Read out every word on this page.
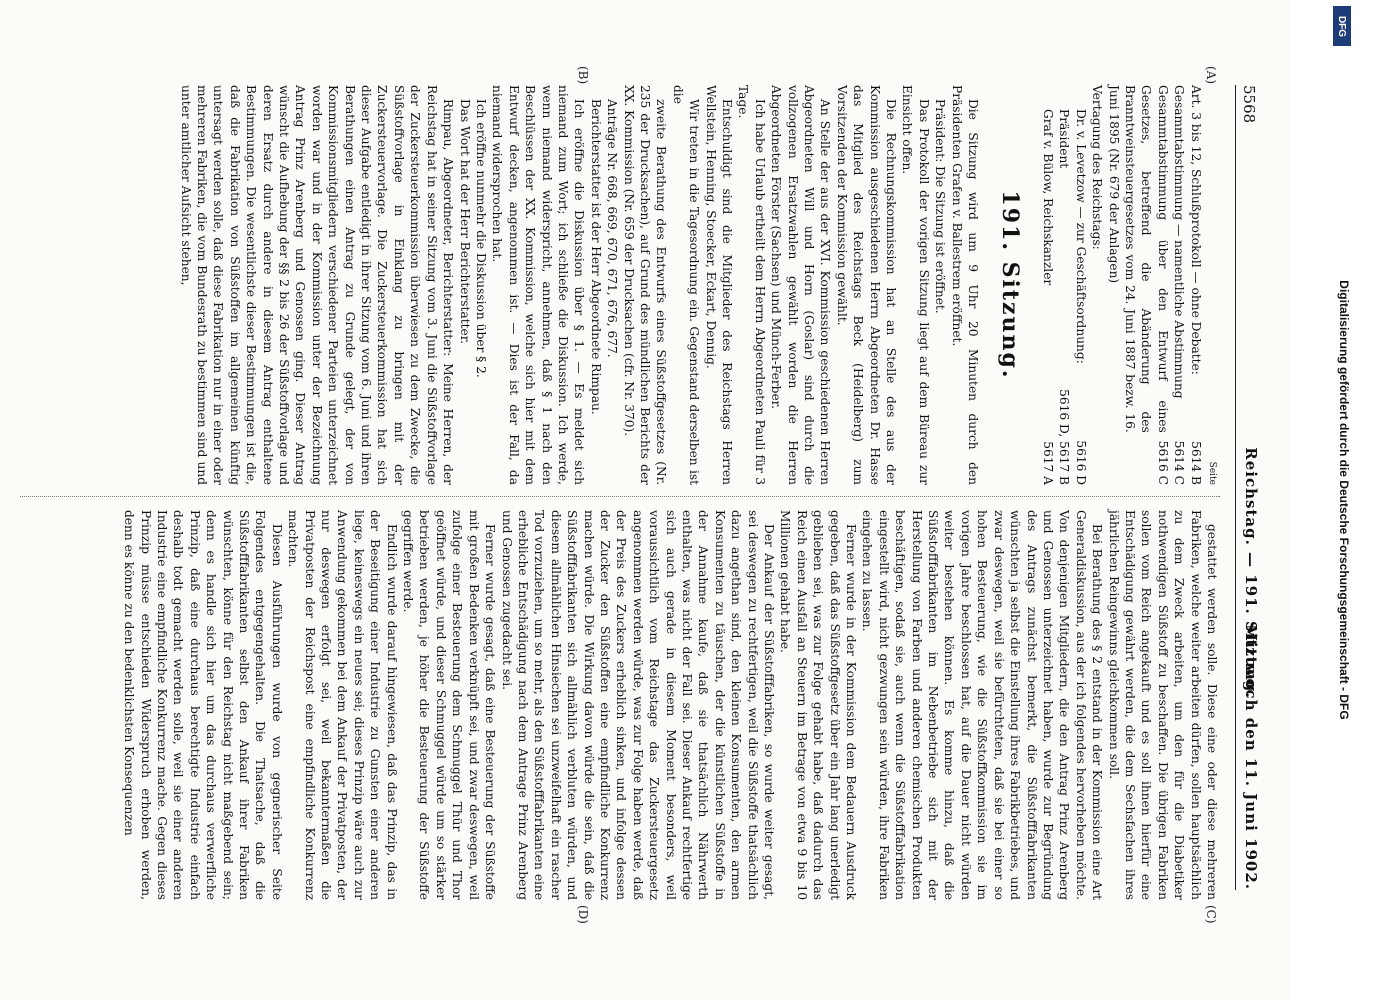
5568
Reichstag. — 191. Sitzung.
Mittwoch den 11. Juni 1902.
(A)
(B)
(C)
(D)
Seite
Art. 3 bis 12, Schlußprotokoll — ohne Debatte:
5614 B
Gesammtabstimmung — namentliche Abstimmung
5614 C
Gesammtabstimmung über den Entwurf eines Gesetzes, betreffend die Abänderung des Branntweinsteuergesetzes vom 24. Juni 1887 bezw. 16. Juni 1895 (Nr. 679 der Anlagen)
5616 C
Vertagung des Reichstags:
Dr. v. Levetzow — zur Geschäftsordnung:
5616 D
Präsident
5616 D, 5617 B
Graf v. Bülow, Reichskanzler
5617 A
191. Sitzung.

Die Sitzung wird um 9 Uhr 20 Minuten durch den Präsidenten Grafen v. Ballestrem eröffnet.

Präsident: Die Sitzung ist eröffnet.

Das Protokoll der vorigen Sitzung liegt auf dem Büreau zur Einsicht offen.

Die Rechnungskommission hat an Stelle des aus der Kommission ausgeschiedenen Herrn Abgeordneten Dr. Hasse das Mitglied des Reichstags Beck (Heidelberg) zum Vorsitzenden der Kommission gewählt.

An Stelle der aus der XVI. Kommission geschiedenen Herren Abgeordneten Will und Horn (Goslar) sind durch die vollzogenen Ersatzwahlen gewählt worden die Herren Abgeordneten Förster (Sachsen) und Münch-Ferber.

Ich habe Urlaub ertheilt dem Herrn Abgeordneten Pauli für 3 Tage.

Entschuldigt sind die Mitglieder des Reichstags Herren Wellstein, Henning, Stoecker, Eckart, Dennig.

Wir treten in die Tagesordnung ein. Gegenstand derselben ist die

zweite Berathung des Entwurfs eines Süßstoffgesetzes (Nr. 235 der Drucksachen), auf Grund des mündlichen Berichts der XX. Kommission (Nr. 659 der Drucksachen (cfr. Nr. 370).

Anträge Nr. 668, 669, 670, 671, 676, 677.

Berichterstatter ist der Herr Abgeordnete Rimpau.

Ich eröffne die Diskussion über § 1. — Es meldet sich niemand zum Wort; ich schließe die Diskussion. Ich werde, wenn niemand widerspricht, annehmen, daß § 1 nach den Beschlüssen der XX. Kommission, welche sich hier mit dem Entwurf decken, angenommen ist. — Dies ist der Fall, da niemand widersprochen hat.

Ich eröffne nunmehr die Diskussion über § 2.

Das Wort hat der Herr Berichterstatter.

Rimpau, Abgeordneter, Berichterstatter: Meine Herren, der Reichstag hat in seiner Sitzung vom 3. Juni die Süßstoffvorlage der Zuckersteuerkommission überwiesen zu dem Zwecke, die Süßstoffvorlage in Einklang zu bringen mit der Zuckersteuervorlage. Die Zuckersteuerkommission hat sich dieser Aufgabe entledigt in ihrer Sitzung vom 6. Juni und ihren Berathungen einen Antrag zu Grunde gelegt, der von Kommissionsmitgliedern verschiedener Parteien unterzeichnet worden war und in der Kommission unter der Bezeichnung Antrag Prinz Arenberg und Genossen ging. Dieser Antrag wünscht die Aufhebung der §§ 2 bis 26 der Süßstoffvorlage und deren Ersatz durch andere in diesem Antrag enthaltene Bestimmungen. Die wesentlichste dieser Bestimmungen ist die, daß die Fabrikation von Süßstoffen im allgemeinen künftig untersagt werden solle, daß diese Fabrikation nur in einer oder mehreren Fabriken, die vom Bundesrath zu bestimmen sind und unter amtlicher Aufsicht stehen,

gestattet werden solle. Diese eine oder diese mehreren Fabriken, welche weiter arbeiten dürfen, sollen hauptsächlich zu dem Zweck arbeiten, um den für die Diabetiker nothwendigen Süßstoff zu beschaffen. Die übrigen Fabriken sollen vom Reich angekauft und es soll ihnen hierfür eine Entschädigung gewährt werden, die dem Sechsfachen ihres jährlichen Reingewinns gleichkommen soll.

Bei Berathung des § 2 entstand in der Kommission eine Art Generaldiskussion, aus der ich folgendes hervorheben möchte. Von denjenigen Mitgliedern, die den Antrag Prinz Arenberg und Genossen unterzeichnet haben, wurde zur Begründung des Antrags zunächst bemerkt, die Süßstofffabrikanten wünschten ja selbst die Einstellung ihres Fabrikbetriebes, und zwar deswegen, weil sie befürchteten, daß sie bei einer so hohen Besteuerung, wie die Süßstoffkommission sie im vorigen Jahre beschlossen hat, auf die Dauer nicht würden weiter bestehen können. Es komme hinzu, daß die Süßstofffabrikanten im Nebenbetriebe sich mit der Herstellung von Farben und anderen chemischen Produkten beschäftigen, sodaß sie, auch wenn die Süßstofffabrikation eingestellt wird, nicht gezwungen sein würden, ihre Fabriken eingehen zu lassen.

Ferner wurde in der Kommission dem Bedauern Ausdruck gegeben, daß das Süßstoffgesetz über ein Jahr lang unerledigt geblieben sei, was zur Folge gehabt habe, daß dadurch das Reich einen Ausfall an Steuern im Betrage von etwa 9 bis 10 Millionen gehabt habe.

Der Ankauf der Süßstofffabriken, so wurde weiter gesagt, sei deswegen zu rechtfertigen, weil die Süßstoffe thatsächlich dazu angethan sind, den kleinen Konsumenten, den armen Konsumenten zu täuschen, der die künstlichen Süßstoffe in der Annahme kaufe, daß sie thatsächlich Nährwerth enthalten, was nicht der Fall sei. Dieser Ankauf rechtfertige sich auch gerade in diesem Moment besonders, weil voraussichtlich vom Reichstage das Zuckersteuergesetz angenommen werden würde, was zur Folge haben werde, daß der Preis des Zuckers erheblich sinken, und infolge dessen der Zucker den Süßstoffen eine empfindliche Konkurrenz machen würde. Die Wirkung davon würde die sein, daß die Süßstofffabrikanten sich allmählich verbluten würden, und diesem allmählichen Hinsiechen sei unzweifelhaft ein rascher Tod vorzuziehen, um so mehr, als den Süßstofffabrikanten eine erhebliche Entschädigung nach dem Antrage Prinz Arenberg und Genossen zugedacht sei.

Ferner wurde gesagt, daß eine Besteuerung der Süßstoffe mit großen Bedenken verknüpft sei, und zwar deswegen, weil zufolge einer Besteuerung dem Schmuggel Thür und Thor geöffnet würde, und dieser Schmuggel würde um so stärker betrieben werden, je höher die Besteuerung der Süßstoffe gegriffen werde.

Endlich wurde darauf hingewiesen, daß das Prinzip, das in der Beseitigung einer Industrie zu Gunsten einer anderen liege, keineswegs ein neues sei; dieses Prinzip wäre auch zur Anwendung gekommen bei dem Ankauf der Privatposten, der nur deswegen erfolgt sei, weil bekanntermaßen die Privatposten der Reichspost eine empfindliche Konkurrenz machten.

Diesen Ausführungen wurde von gegnerischer Seite Folgendes entgegengehalten. Die Thatsache, daß die Süßstofffabrikanten selbst den Ankauf ihrer Fabriken wünschten, könne für den Reichstag nicht maßgebend sein; denn es handle sich hier um das durchaus verwerfliche Prinzip, daß eine durchaus berechtigte Industrie einfach deshalb todt gemacht werden solle, weil sie einer anderen Industrie eine empfindliche Konkurrenz mache. Gegen dieses Prinzip müsse entschieden Widerspruch erhoben werden, denn es könne zu den bedenklichsten Konsequenzen

DFG
Digitalisierung gefördert durch die Deutsche Forschungsgemeinschaft - DFG
